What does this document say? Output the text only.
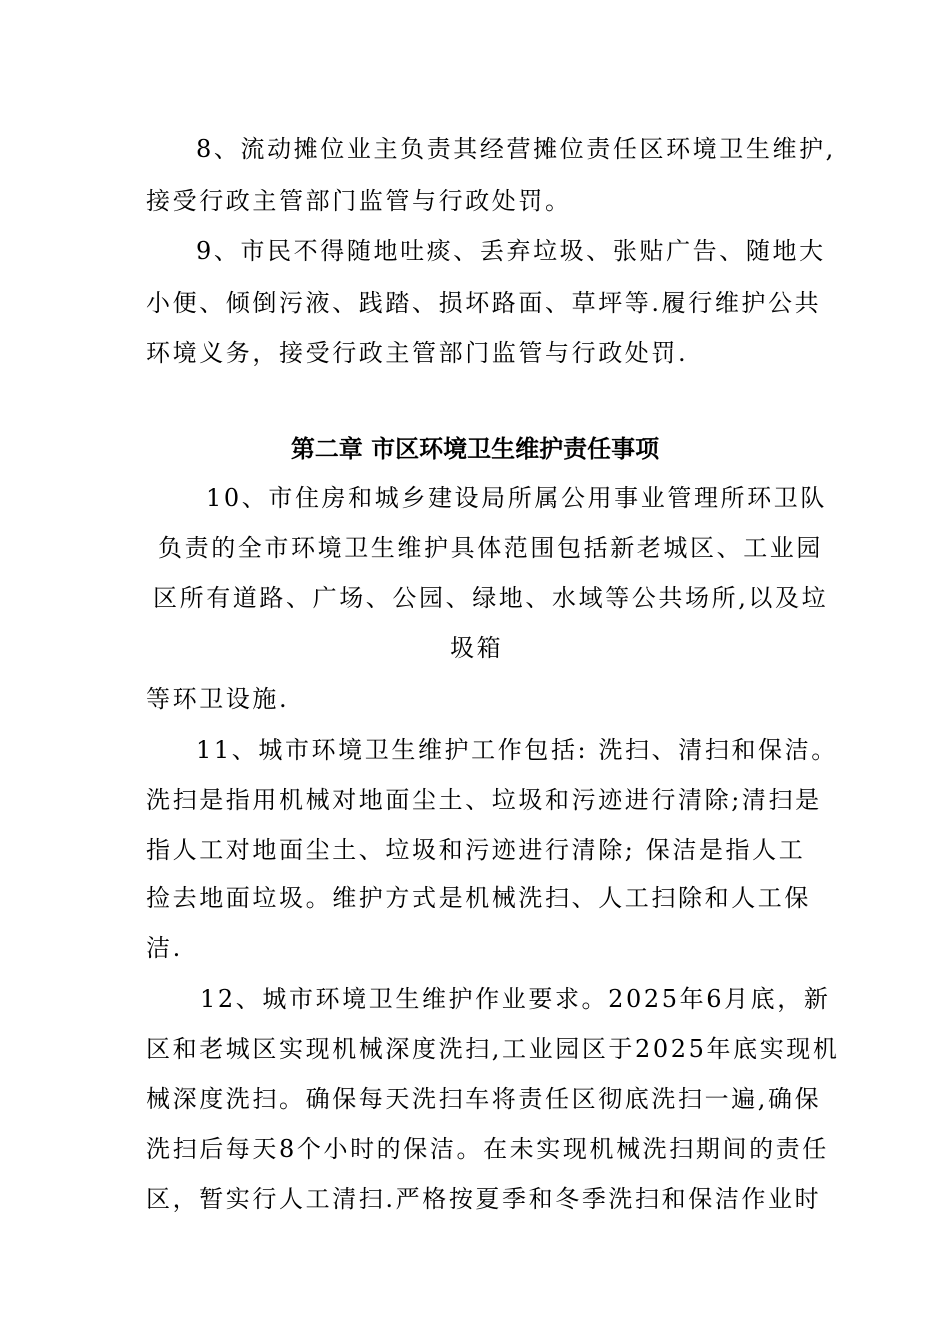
8、流动摊位业主负责其经营摊位责任区环境卫生维护,
接受行政主管部门监管与行政处罚。
9、市民不得随地吐痰、丢弃垃圾、张贴广告、随地大
小便、倾倒污液、践踏、损坏路面、草坪等.履行维护公共
环境义务，接受行政主管部门监管与行政处罚.
第二章 市区环境卫生维护责任事项
10、市住房和城乡建设局所属公用事业管理所环卫队
负责的全市环境卫生维护具体范围包括新老城区、工业园
区所有道路、广场、公园、绿地、水域等公共场所,以及垃
圾箱
等环卫设施.
11、城市环境卫生维护工作包括: 洗扫、清扫和保洁。
洗扫是指用机械对地面尘土、垃圾和污迹进行清除;清扫是
指人工对地面尘土、垃圾和污迹进行清除; 保洁是指人工
捡去地面垃圾。维护方式是机械洗扫、人工扫除和人工保
洁.
12、城市环境卫生维护作业要求。2025年6月底，新
区和老城区实现机械深度洗扫,工业园区于2025年底实现机
械深度洗扫。确保每天洗扫车将责任区彻底洗扫一遍,确保
洗扫后每天8个小时的保洁。在未实现机械洗扫期间的责任
区，暂实行人工清扫.严格按夏季和冬季洗扫和保洁作业时
